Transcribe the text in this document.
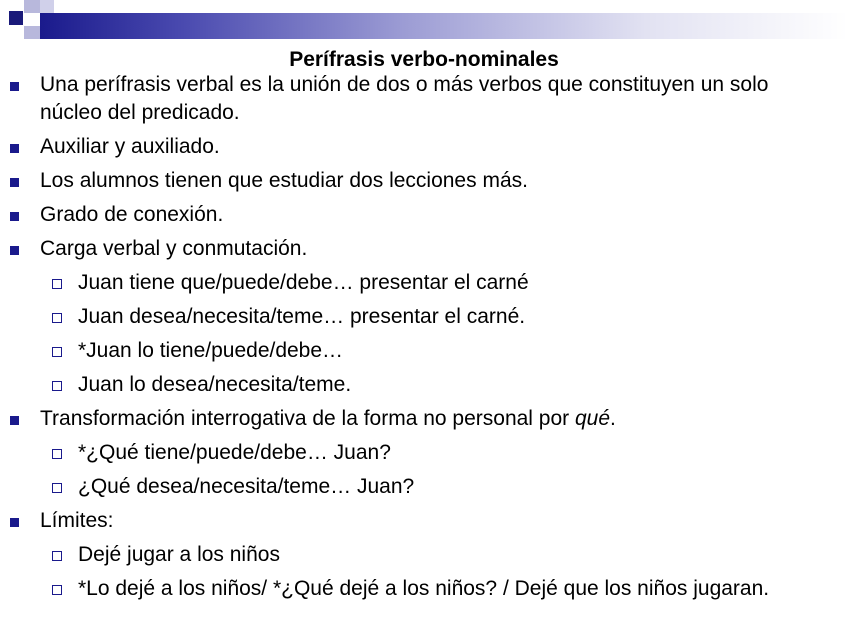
Perífrasis verbo-nominales
Una perífrasis verbal es la unión de dos o más verbos que constituyen un solo núcleo del predicado.
Auxiliar y auxiliado.
Los alumnos tienen que estudiar dos lecciones más.
Grado de conexión.
Carga verbal y conmutación.
Juan tiene que/puede/debe… presentar el carné
Juan desea/necesita/teme… presentar el carné.
*Juan lo tiene/puede/debe…
Juan lo desea/necesita/teme.
Transformación interrogativa de la forma no personal por qué.
*¿Qué tiene/puede/debe… Juan?
¿Qué desea/necesita/teme… Juan?
Límites:
Dejé jugar a los niños
*Lo dejé a los niños/ *¿Qué dejé a los niños? / Dejé que los niños jugaran.
